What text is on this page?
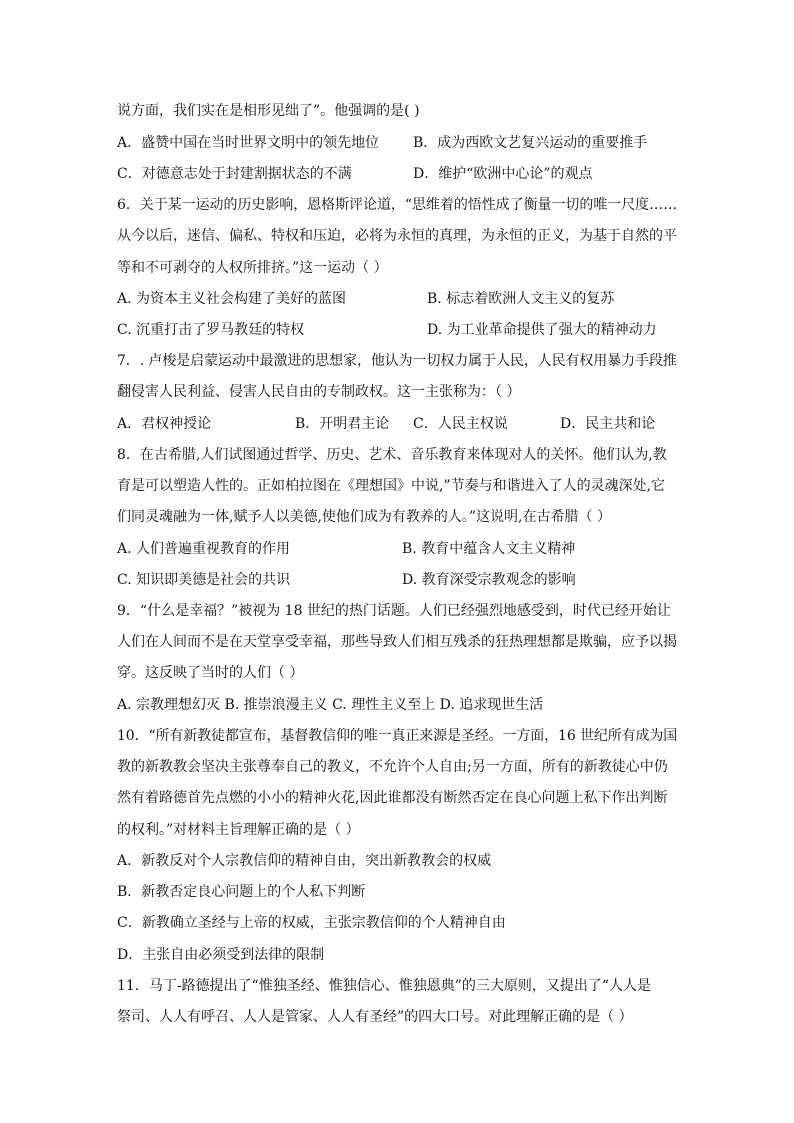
说方面，我们实在是相形见绌了”。他强调的是( )
A．盛赞中国在当时世界文明中的领先地位 B．成为西欧文艺复兴运动的重要推手
C．对德意志处于封建割据状态的不满	D．维护“欧洲中心论”的观点
6．关于某一运动的历史影响，恩格斯评论道，“思维着的悟性成了衡量一切的唯一尺度……
从今以后，迷信、偏私、特权和压迫，必将为永恒的真理，为永恒的正义，为基于自然的平
等和不可剥夺的人权所排挤。”这一运动（ ）
A. 为资本主义社会构建了美好的蓝图	B. 标志着欧洲人文主义的复苏
C. 沉重打击了罗马教廷的特权	D. 为工业革命提供了强大的精神动力
7．. 卢梭是启蒙运动中最激进的思想家，他认为一切权力属于人民，人民有权用暴力手段推
翻侵害人民利益、侵害人民自由的专制政权。这一主张称为：（ ）
A．君权神授论	B．开明君主论 C．人民主权说	D．民主共和论
8．在古希腊,人们试图通过哲学、历史、艺术、音乐教育来体现对人的关怀。他们认为,教
育是可以塑造人性的。正如柏拉图在《理想国》中说,”节奏与和谐进入了人的灵魂深处,它
们同灵魂融为一体,赋予人以美德,使他们成为有教养的人。”这说明,在古希腊（ ）
A. 人们普遍重视教育的作用	B. 教育中蕴含人文主义精神
C. 知识即美德是社会的共识	D. 教育深受宗教观念的影响
9．“什么是幸福？”被视为 18 世纪的热门话题。人们已经强烈地感受到，时代已经开始让
人们在人间而不是在天堂享受幸福，那些导致人们相互残杀的狂热理想都是欺骗，应予以揭
穿。这反映了当时的人们（ ）
A. 宗教理想幻灭 B. 推崇浪漫主义 C. 理性主义至上 D. 追求现世生活
10．“所有新教徒都宣布，基督教信仰的唯一真正来源是圣经。一方面，16 世纪所有成为国
教的新教教会坚决主张尊奉自己的教义，不允许个人自由;另一方面，所有的新教徒心中仍
然有着路德首先点燃的小小的精神火花,因此谁都没有断然否定在良心问题上私下作出判断
的权利。”对材料主旨理解正确的是（ ）
A．新教反对个人宗教信仰的精神自由，突出新教教会的权威
B．新教否定良心问题上的个人私下判断
C．新教确立圣经与上帝的权威，主张宗教信仰的个人精神自由
D．主张自由必须受到法律的限制
11．马丁-路德提出了“惟独圣经、惟独信心、惟独恩典”的三大原则，又提出了“人人是
祭司、人人有呼召、人人是管家、人人有圣经”的四大口号。对此理解正确的是（ ）
